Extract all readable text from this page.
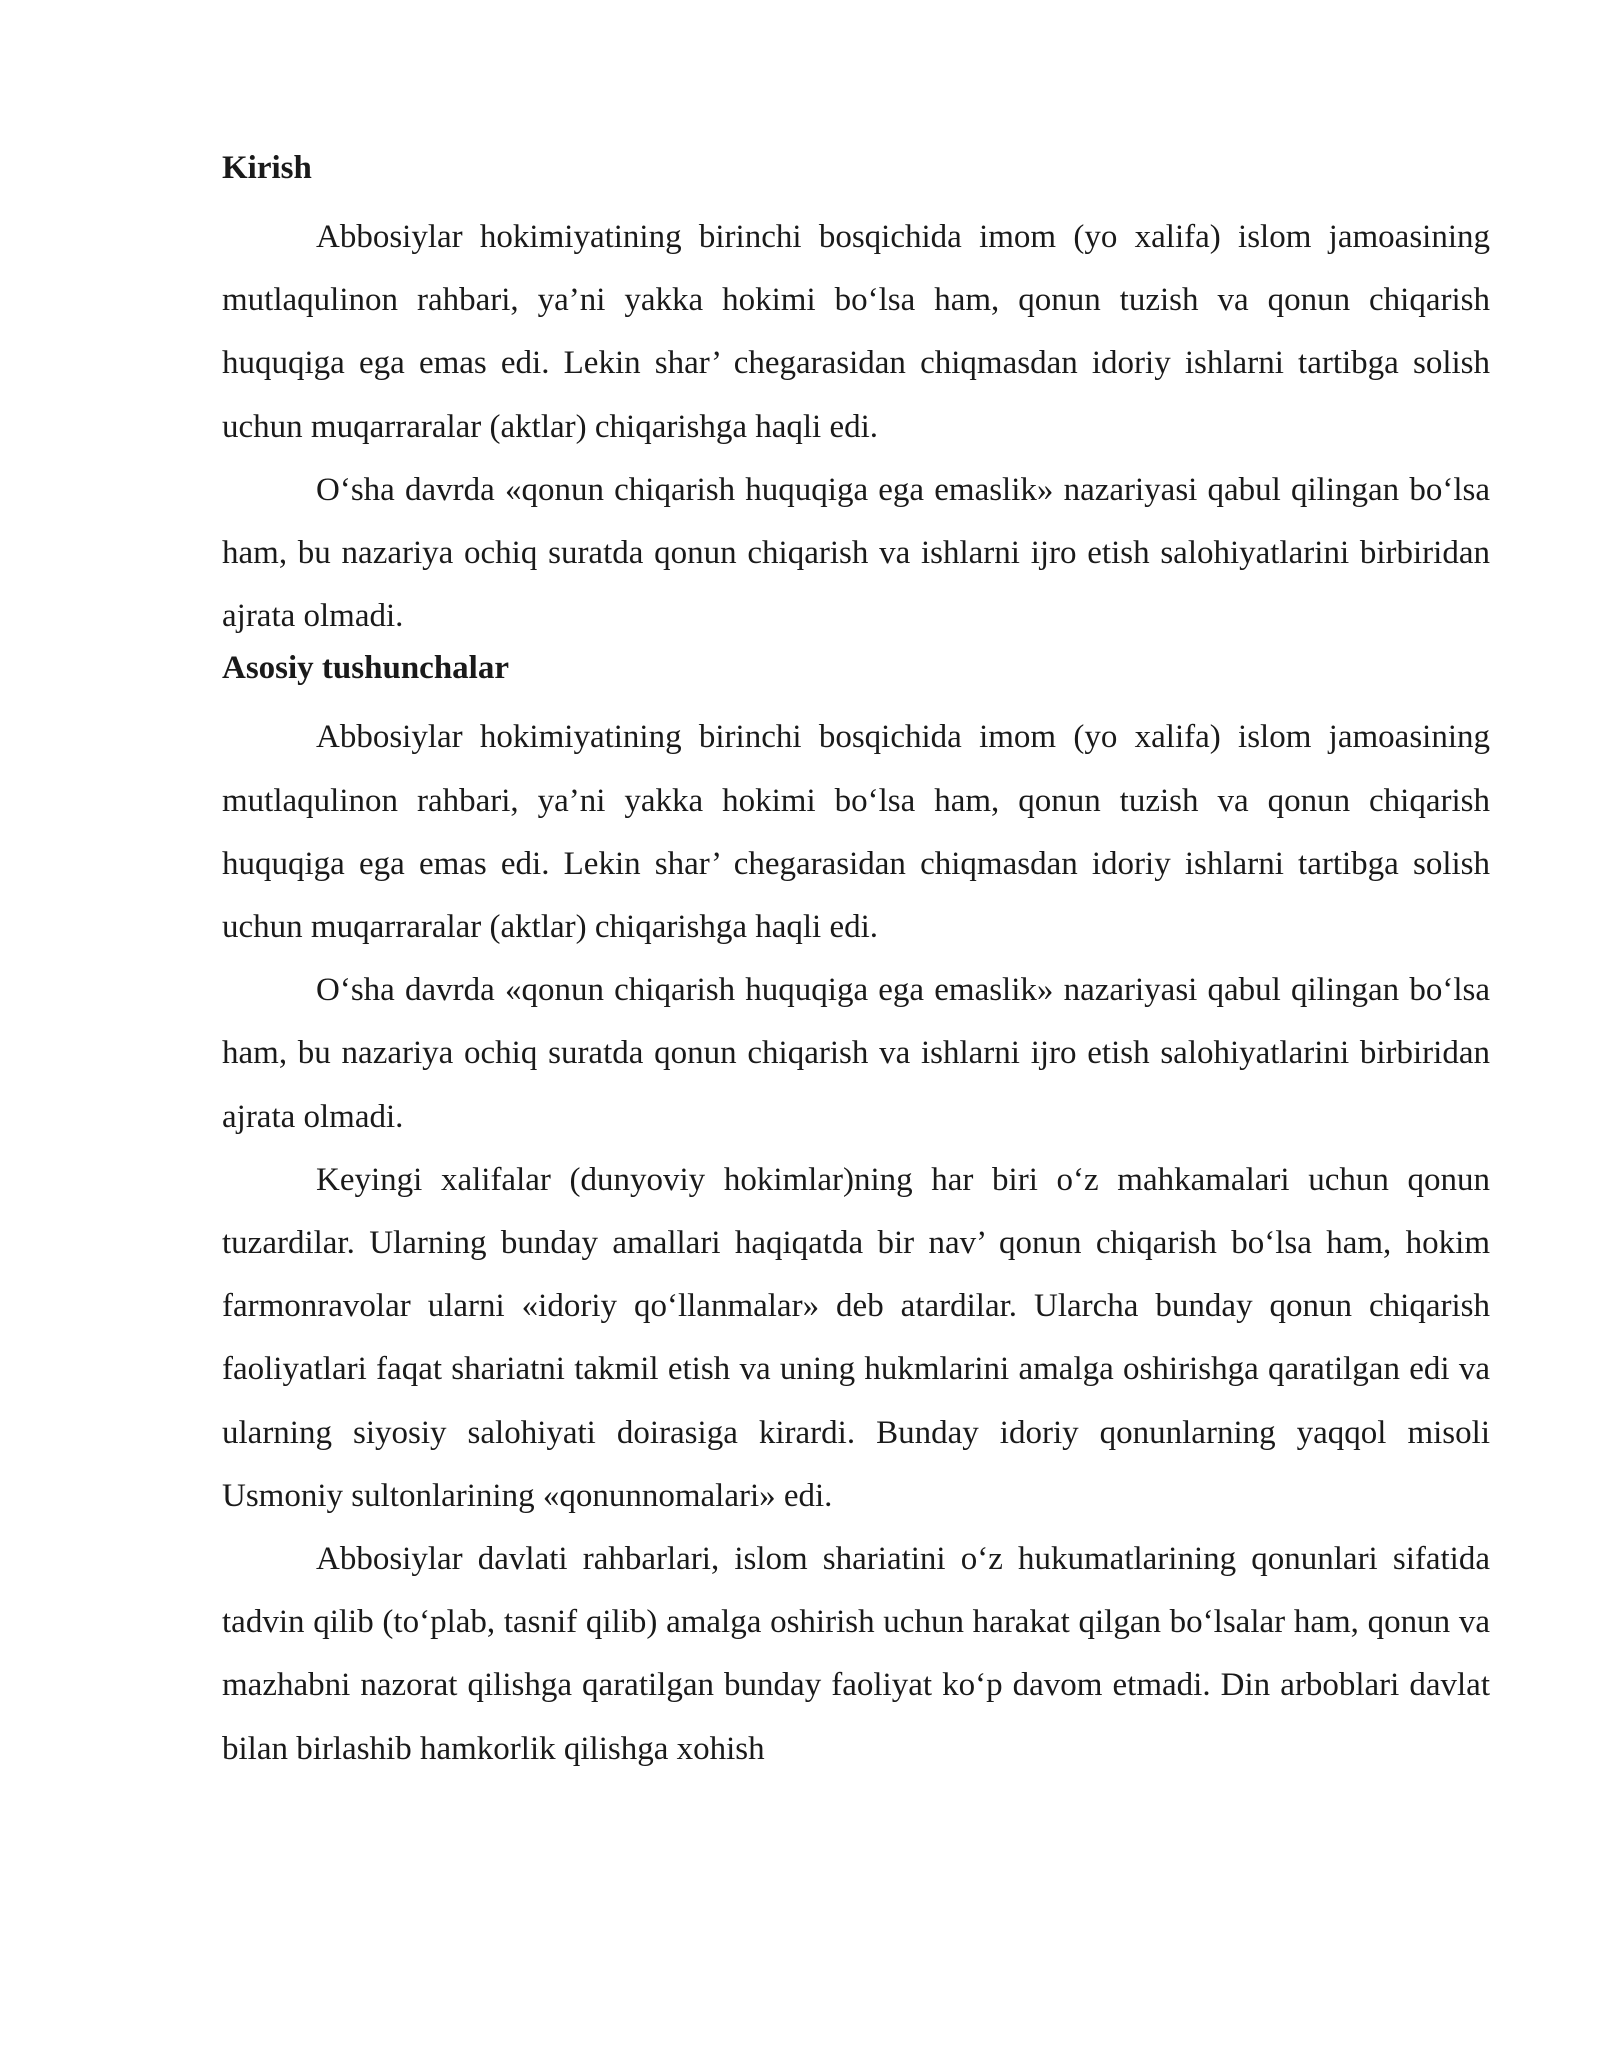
Kirish

Abbosiylar hokimiyatining birinchi bosqichida imom (yo xalifa) islom jamoasining mutlaqulinon rahbari, ya’ni yakka hokimi bo‘lsa ham, qonun tuzish va qonun chiqarish huquqiga ega emas edi. Lekin shar’ chegarasidan chiqmasdan idoriy ishlarni tartibga solish uchun muqarraralar (aktlar) chiqarishga haqli edi.

O‘sha davrda «qonun chiqarish huquqiga ega emaslik» nazariyasi qabul qilingan bo‘lsa ham, bu nazariya ochiq suratda qonun chiqarish va ishlarni ijro etish salohiyatlarini birbiridan ajrata olmadi.

Asosiy tushunchalar

Abbosiylar hokimiyatining birinchi bosqichida imom (yo xalifa) islom jamoasining mutlaqulinon rahbari, ya’ni yakka hokimi bo‘lsa ham, qonun tuzish va qonun chiqarish huquqiga ega emas edi. Lekin shar’ chegarasidan chiqmasdan idoriy ishlarni tartibga solish uchun muqarraralar (aktlar) chiqarishga haqli edi.

O‘sha davrda «qonun chiqarish huquqiga ega emaslik» nazariyasi qabul qilingan bo‘lsa ham, bu nazariya ochiq suratda qonun chiqarish va ishlarni ijro etish salohiyatlarini birbiridan ajrata olmadi.

Keyingi xalifalar (dunyoviy hokimlar)ning har biri o‘z mahkamalari uchun qonun tuzardilar. Ularning bunday amallari haqiqatda bir nav’ qonun chiqarish bo‘lsa ham, hokim farmonravolar ularni «idoriy qo‘llanmalar» deb atardilar. Ularcha bunday qonun chiqarish faoliyatlari faqat shariatni takmil etish va uning hukmlarini amalga oshirishga qaratilgan edi va ularning siyosiy salohiyati doirasiga kirardi. Bunday idoriy qonunlarning yaqqol misoli Usmoniy sultonlarining «qonunnomalari» edi.

Abbosiylar davlati rahbarlari, islom shariatini o‘z hukumatlarining qonunlari sifatida tadvin qilib (to‘plab, tasnif qilib) amalga oshirish uchun harakat qilgan bo‘lsalar ham, qonun va mazhabni nazorat qilishga qaratilgan bunday faoliyat ko‘p davom etmadi. Din arboblari davlat bilan birlashib hamkorlik qilishga xohish
